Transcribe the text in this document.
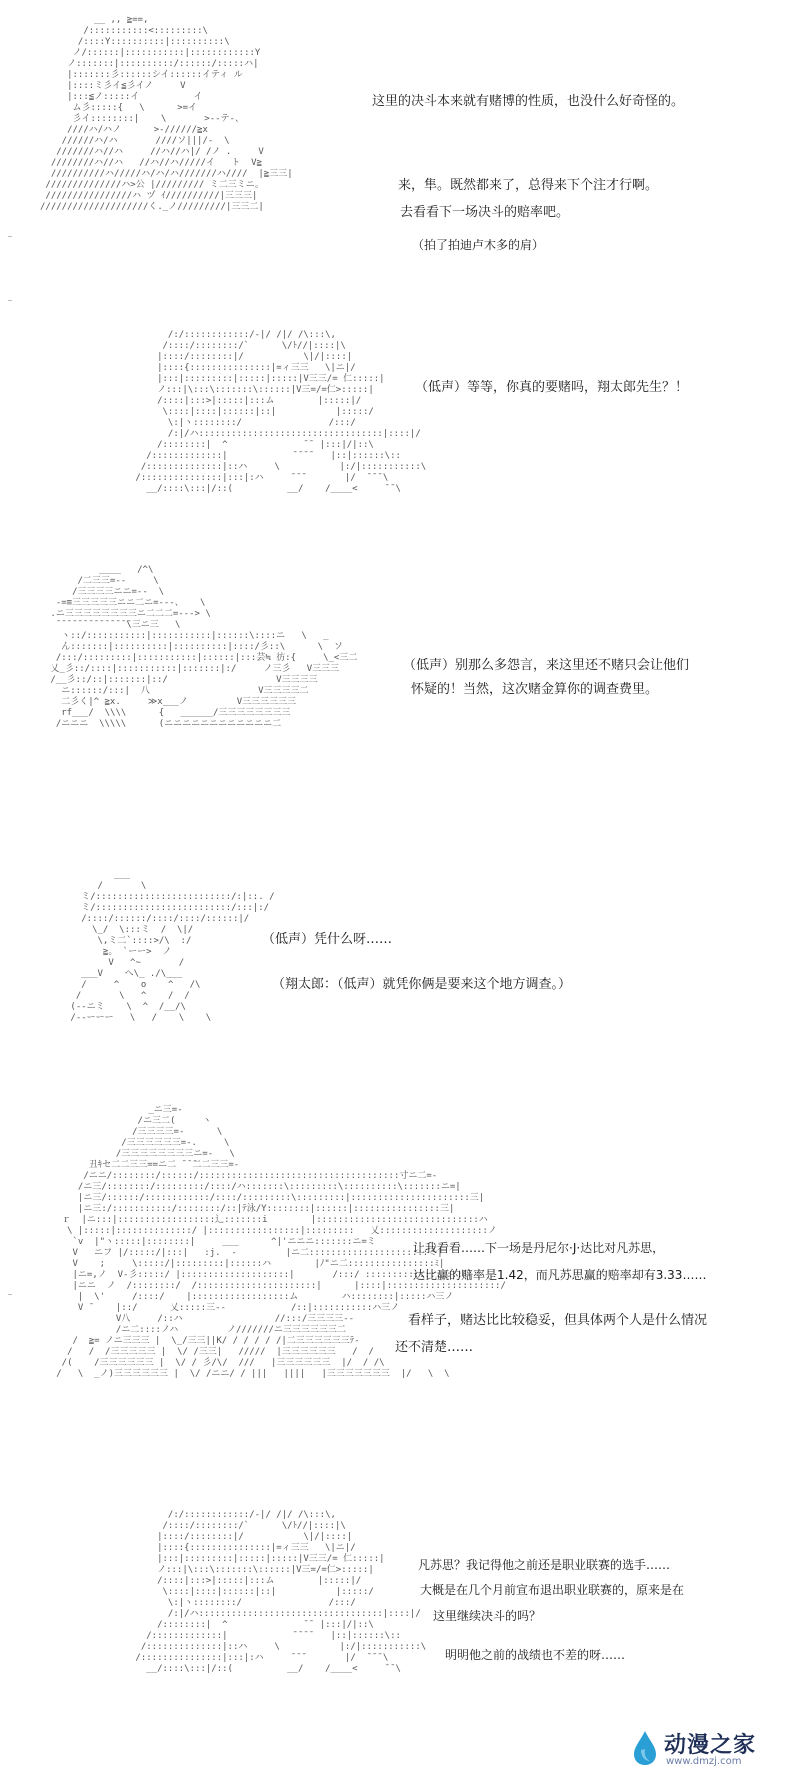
__ ,, ≧==,
/:::::::::::<:::::::::\
/::::Y::::::::::|::::::::::\
ノ/::::::|:::::::::::|::::::::::::Y
ノ:::::::|::::::::::/::::::/:::::ハ|
|:::::::彡::::::シイ::::::イティ ル
|::::ミ彡イ≦彡イノ     V
|:::≦ノ:::::イ          イ
ム彡:::::{   \      >=イ
彡イ::::::::|    \       >--テ-、
////ハ/ハノ      >-//////≧x
//////ハ/ハ       ////ソ|||/-  \
///////ハ//ハ     //ハ//ハ|/ /ノ .     V
////////ハ//ハ   //ハ//ハ/////イ   ト  V≧
//////////ハ/////ハ/ハ/ハ///////ハ////  |≧三三|
//////////////ハ>公 |///////// ミ二三ミニ。
////////////////ハ ヅ ｲ//////////|三三三|
////////////////////く._ノ/////////|三三二|
这里的决斗本来就有赌博的性质，也没什么好奇怪的。
来，隼。既然都来了，总得来下个注才行啊。
去看看下一场决斗的赔率吧。
（拍了拍迪卢木多的肩）
/:/::::::::::::/-|/ /|/ /\:::\,
/::::/::::::::/`      \/ﾄ//|::::|\
|::::/::::::::|/           \|/|::::|
|::::{:::::::::::::::|=ィ三三   \|ニ|/
|:::|:::::::::|:::::|:::::|V三三/= 仁:::::|
ノ:::|\:::\:::::::\::::::|V三=/=仁>:::::|
/::::|:::>|:::::|:::ム        |:::::|/
\::::|::::|::::::|::|           |:::::/
\:|ヽ::::::::/                /:::/
/:|/ハ::::::::::::::::::::::::::::::::::|::::|/
/::::::::|  ^              ̄ ̄  |:::|/|::\
/:::::::::::::|            ̄ ̄ ̄ ̄    |::|::::::\::
/::::::::::::::|::ハ     \           |:/|:::::::::::\
/:::::::::::::::|:::|:ハ     ̄ ̄ ̄        |/  ̄ ̄ ̄ \
__/::::\:::|/::(          __/    /____<     ̄ ̄ \
（低声）等等，你真的要赌吗，翔太郎先生？！
____   /^\
/二三三=--     \
/三三三三ニニ=--  \
-=≡三三三三三ニニ二ニ=---、   \
.ニ三三三三三三三三ニ二二二=---> \
̄ ̄ ̄ ̄ ̄ ̄ ̄ ̄ ̄ ̄ ̄ ̄ ̄ ̄\三ニ三   \
ヽ::/:::::::::::|:::::::::::|::::::\::::ニ   \   _
ん:::::::|::::::::::|::::::::::|::::/彡::\      \  ソ
/:::/:::::::::|:::::::::::|::::::|:::芸≒ 彷:{     \_<三二
乂_彡::/::::|:::::::::::|:::::::|:/     ノ三彡   V三三三
/__彡::/::|:::::::|::/                    V三三三三
ニ::::::/:::|  八                    V三三三三二
二彡く|^ ≧x.     ≫x___ノ         V三三三三三三
rf___/  \\\\      {   ______/三三三三三三三三
/ニニニ  \\\\\      (ニニニニニニニニニニニニ二
（低声）别那么多怨言，来这里还不赌只会让他们
怀疑的！当然，这次赌金算你的调查费里。
___
/       \
ミ/:::::::::::::::::::::::::/:|::. /
ミ/:::::::::::::::::::::::::/:::|:/
/::::/::::::/::::/::::/::::::|/
\_/  \:::ミ  /  \|/
\,ミ二`::::>/\  :/
≧。 `ーー>  ノ
V   ^~       /
___V    へ\_ ./\___
/     ^    o    ^   /\
/       \   ^    /  /
(--ニミ    \  ^  /__/\
/--ーーー   \   /    \    \
（低声）凭什么呀……
（翔太郎：（低声）就凭你俩是要来这个地方调查。）
_ニ三=-
/ニ三二(     ヽ
/三三三三=-      \
/三三三三三三=-.     \
/三三三三三三三三ニ=-   \
丑ｷセ二二三三==ニ二 ̄ ̄ ̄二二三三=-
/ニニ/::::::::/::::::/:::::::::::::::::::::::::::::::::::::寸ニ二=-
/ニ三/::::::::/:::::::::/::::/ハ:::::::\:::::::::\::::::::::\:::::::ニ=|
|ニ三/::::::/::::::::::::/::::/:::::::::\:::::::::|::::::::::::::::::::::三|
|ニ三:/:::::::::::/::::::::/::|ﾃ泳/Y::::::::|::::::|::::::::::::::::三|
ｒ  |ニ:::|::::::::::::::::::辶:::::::i        |::::::::::::::::::::::::::::::ハ
\ |:::::|::::::::::::::/ |:::::::::::::::::|:::::::::   乂::::::::::::::::::::ノ
`v  |"ヽ:::::|::::::::|     ___      ^|'ニニニ:::::::ニ=ミ
V   ニフ |/:::::/|:::|   :j.  -         |ニ二::::::::::::::::::::::ミ|
V    ;     \:::::/|:::::::::|::::::ハ        |ﾉ"ニ二::::::::::::::::ﾐ|
|ニ=,ノ  V-彡:::::/ |::::::::::::::::::::|       /:::/ ::::::::::::::::::ﾐ|
|ニニ  ノ  /::::::::/  /::::::::::::::::::::::|      |::::|:::::::::::::::::::::/
|  \'     /::::/    |::::::::::::::::::ム        ハ::::::::|:::::ハ三ノ
V ̄     |::/      乂:::::三--            /::|:::::::::::ハ三ノ
V八     /::ハ                 //:::/三三三三--
/ニ二::::ノハ         ノ///////ニ三三三三三三二
/  ≧= ノニ三三三 |  \_/三三||K/ / / / / /|二三三三三三三ﾃ-
/   /  /三三三三三 |  \/ /三三|   /////  |三三三三三三   /  /
/(    /三三三三三三 |  \/ / 彡/\/  ///   |三三三三三三  |/  / /\
/   \  _ノ)三三三三三三 |  \/ /ニニ/ / |||   ||||   |三三三三三三三  |/   \  \
让我看看……下一场是丹尼尔·J·达比对凡苏思，
达比赢的赔率是1.42，而凡苏思赢的赔率却有3.33……
看样子，赌达比比较稳妥，但具体两个人是什么情况
还不清楚……
/:/::::::::::::/-|/ /|/ /\:::\,
/::::/::::::::/`      \/ﾄ//|::::|\
|::::/::::::::|/           \|/|::::|
|::::{:::::::::::::::|=ィ三三   \|ニ|/
|:::|:::::::::|:::::|:::::|V三三/= 仁:::::|
ノ:::|\:::\:::::::\::::::|V三=/=仁>:::::|
/::::|:::>|:::::|:::ム        |:::::|/
\::::|::::|::::::|::|           |:::::/
\:|ヽ::::::::/                /:::/
/:|/ハ::::::::::::::::::::::::::::::::::|::::|/
/::::::::|  ^              ̄ ̄  |:::|/|::\
/:::::::::::::|            ̄ ̄ ̄ ̄    |::|::::::\::
/::::::::::::::|::ハ     \           |:/|:::::::::::\
/:::::::::::::::|:::|:ハ     ̄ ̄ ̄        |/  ̄ ̄ ̄ \
__/::::\:::|/::(          __/    /____<     ̄ ̄ \
凡苏思？我记得他之前还是职业联赛的选手……
大概是在几个月前宣布退出职业联赛的，原来是在
这里继续决斗的吗？
明明他之前的战绩也不差的呀……
动漫之家
www.dmzj.com
